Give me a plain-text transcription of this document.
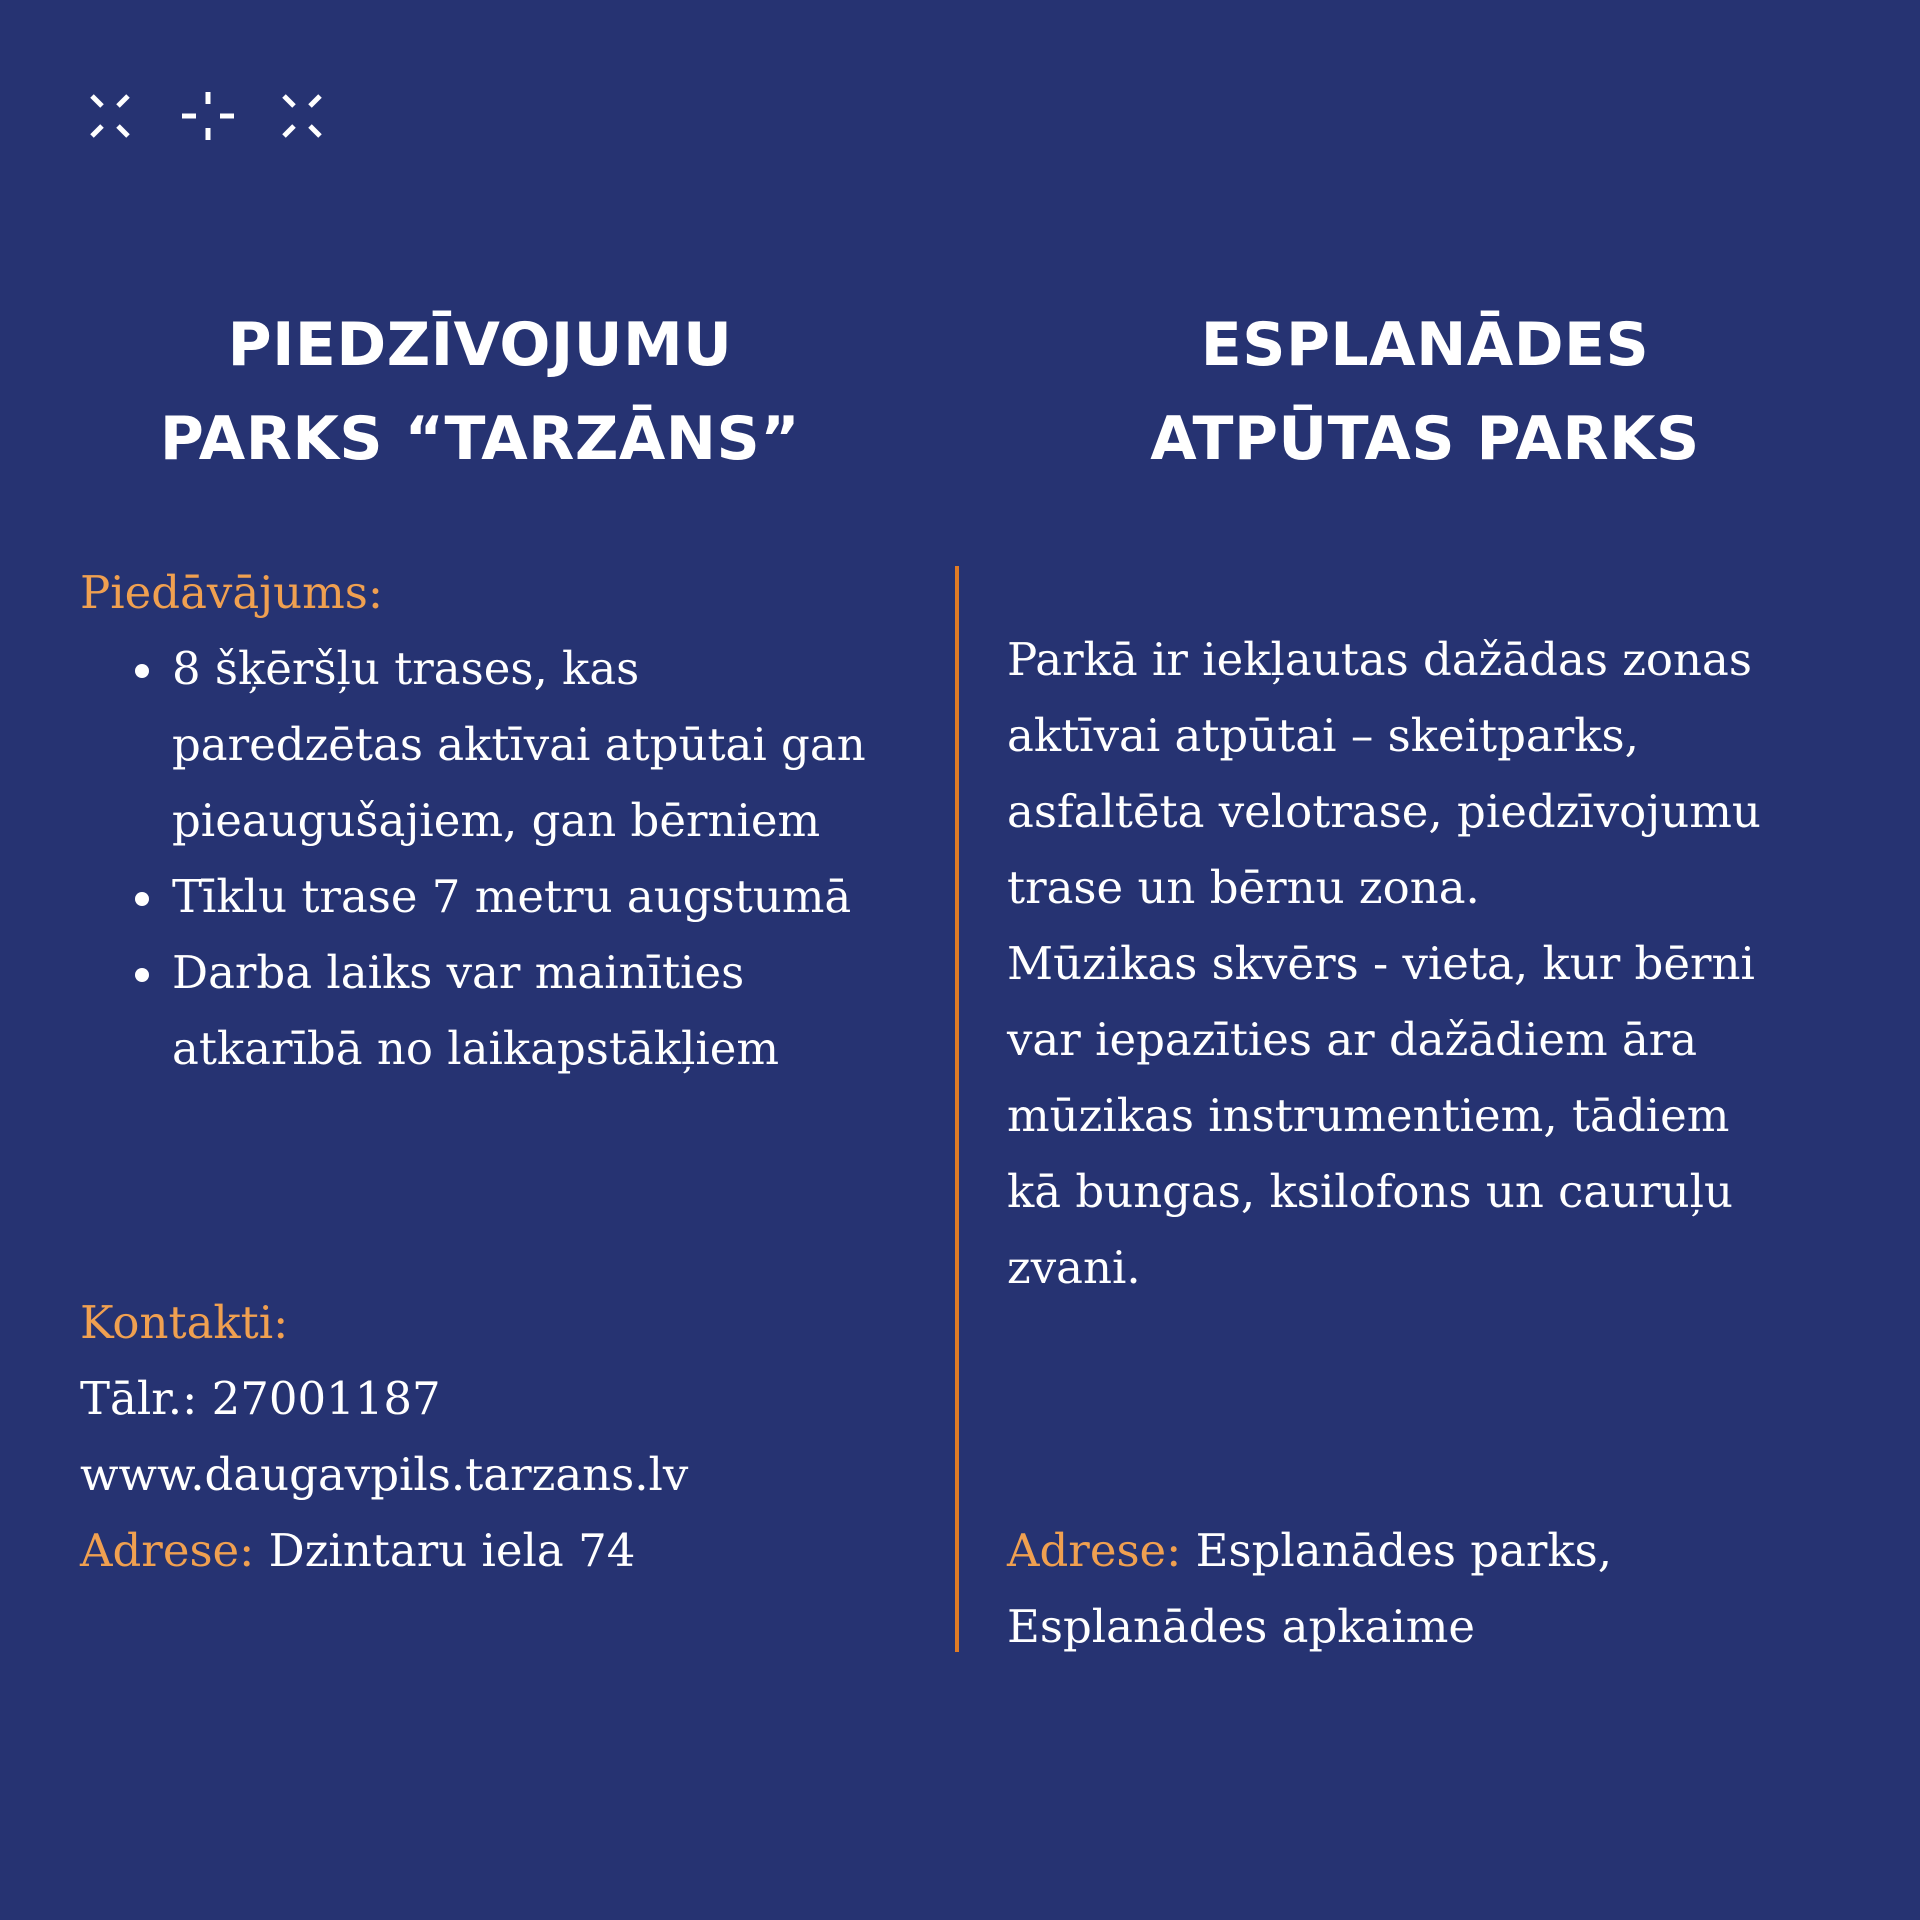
PIEDZĪVOJUMU
PARKS “TARZĀNS”
ESPLANĀDES
ATPŪTAS PARKS

Piedāvājums:

8 šķēršļu trases, kas
paredzētas aktīvai atpūtai gan
pieaugušajiem, gan bērniem
Tīklu trase 7 metru augstumā
Darba laiks var mainīties
atkarībā no laikapstākļiem

Kontakti:

Tālr.: 27001187

www.daugavpils.tarzans.lv

Adrese: Dzintaru iela 74

Parkā ir iekļautas dažādas zonas

aktīvai atpūtai – skeitparks,

asfaltēta velotrase, piedzīvojumu

trase un bērnu zona.

Mūzikas skvērs - vieta, kur bērni

var iepazīties ar dažādiem āra

mūzikas instrumentiem, tādiem

kā bungas, ksilofons un cauruļu

zvani.

Adrese: Esplanādes parks,

Esplanādes apkaime
